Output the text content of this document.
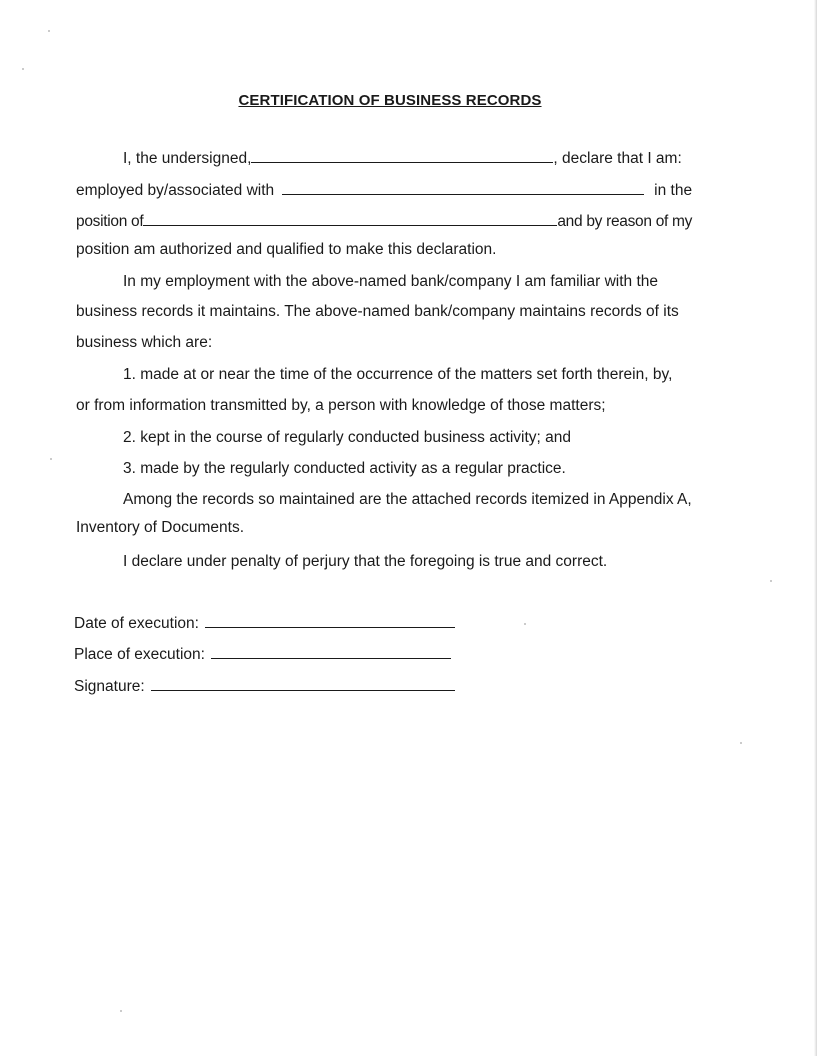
CERTIFICATION OF BUSINESS RECORDS
I, the undersigned,	, declare that I am:
employed by/associated with	in the
position of	and by reason of my
position am authorized and qualified to make this declaration.
In my employment with the above-named bank/company I am familiar with the
business records it maintains. The above-named bank/company maintains records of its
business which are:
1. made at or near the time of the occurrence of the matters set forth therein, by,
or from information transmitted by, a person with knowledge of those matters;
2. kept in the course of regularly conducted business activity; and
3. made by the regularly conducted activity as a regular practice.
Among the records so maintained are the attached records itemized in Appendix A,
Inventory of Documents.
I declare under penalty of perjury that the foregoing is true and correct.
Date of execution:
Place of execution:
Signature:
